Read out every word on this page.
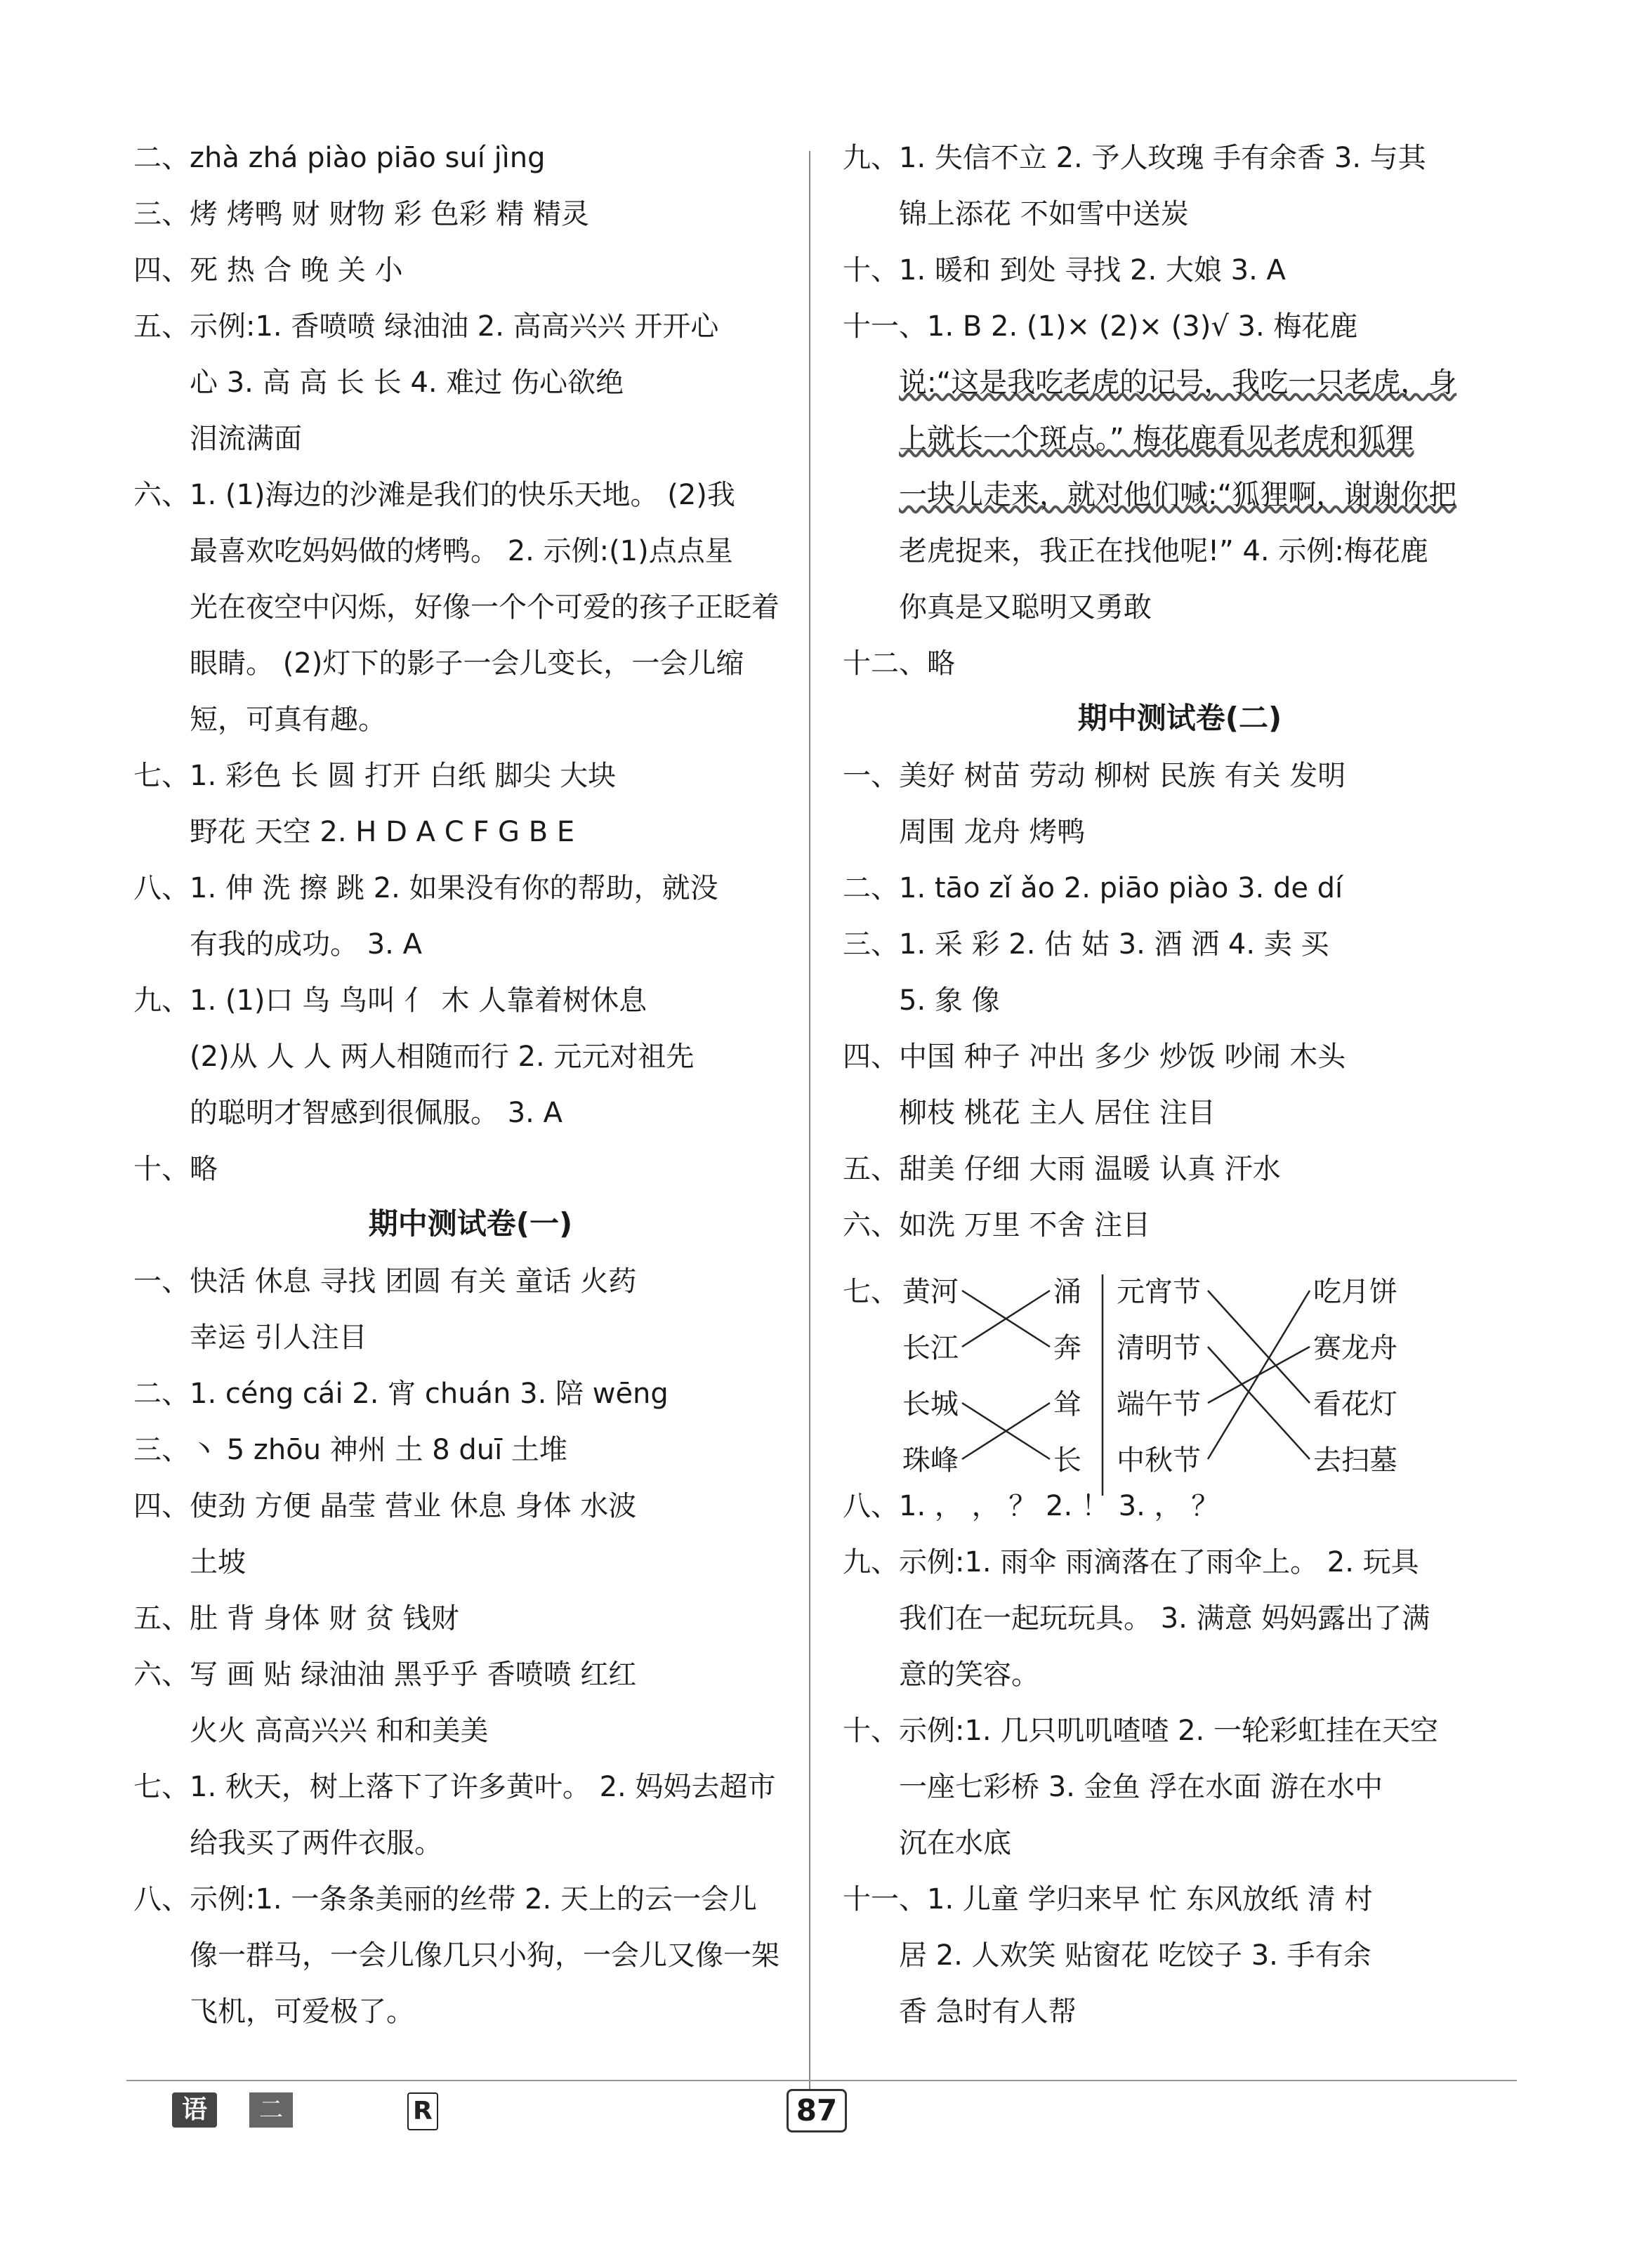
二、zhà zhá piào piāo suí jìng
三、烤 烤鸭 财 财物 彩 色彩 精 精灵
四、死 热 合 晚 关 小
五、示例:1. 香喷喷 绿油油 2. 高高兴兴 开开心
心 3. 高 高 长 长 4. 难过 伤心欲绝
泪流满面
六、1. (1)海边的沙滩是我们的快乐天地。 (2)我
最喜欢吃妈妈做的烤鸭。 2. 示例:(1)点点星
光在夜空中闪烁，好像一个个可爱的孩子正眨着
眼睛。 (2)灯下的影子一会儿变长，一会儿缩
短，可真有趣。
七、1. 彩色 长 圆 打开 白纸 脚尖 大块
野花 天空 2. H D A C F G B E
八、1. 伸 洗 擦 跳 2. 如果没有你的帮助，就没
有我的成功。 3. A
九、1. (1)口 鸟 鸟叫 亻 木 人靠着树休息
(2)从 人 人 两人相随而行 2. 元元对祖先
的聪明才智感到很佩服。 3. A
十、略
期中测试卷(一)
一、快活 休息 寻找 团圆 有关 童话 火药
幸运 引人注目
二、1. céng cái 2. 宵 chuán 3. 陪 wēng
三、丶 5 zhōu 神州 土 8 duī 土堆
四、使劲 方便 晶莹 营业 休息 身体 水波
土坡
五、肚 背 身体 财 贫 钱财
六、写 画 贴 绿油油 黑乎乎 香喷喷 红红
火火 高高兴兴 和和美美
七、1. 秋天，树上落下了许多黄叶。 2. 妈妈去超市
给我买了两件衣服。
八、示例:1. 一条条美丽的丝带 2. 天上的云一会儿
像一群马，一会儿像几只小狗，一会儿又像一架
飞机，可爱极了。
九、1. 失信不立 2. 予人玫瑰 手有余香 3. 与其
锦上添花 不如雪中送炭
十、1. 暖和 到处 寻找 2. 大娘 3. A
十一、1. B 2. (1)× (2)× (3)√ 3. 梅花鹿
说:“这是我吃老虎的记号，我吃一只老虎，身
上就长一个斑点。” 梅花鹿看见老虎和狐狸
一块儿走来，就对他们喊:“狐狸啊，谢谢你把
老虎捉来，我正在找他呢!” 4. 示例:梅花鹿
你真是又聪明又勇敢
十二、略
期中测试卷(二)
一、美好 树苗 劳动 柳树 民族 有关 发明
周围 龙舟 烤鸭
二、1. tāo zǐ ǎo 2. piāo piào 3. de dí
三、1. 采 彩 2. 估 姑 3. 酒 洒 4. 卖 买
5. 象 像
四、中国 种子 冲出 多少 炒饭 吵闹 木头
柳枝 桃花 主人 居住 注目
五、甜美 仔细 大雨 温暖 认真 汗水
六、如洗 万里 不舍 注目
八、1. ， ， ？ 2. ！ 3. ， ？
九、示例:1. 雨伞 雨滴落在了雨伞上。 2. 玩具
我们在一起玩玩具。 3. 满意 妈妈露出了满
意的笑容。
十、示例:1. 几只叽叽喳喳 2. 一轮彩虹挂在天空
一座七彩桥 3. 金鱼 浮在水面 游在水中
沉在水底
十一、1. 儿童 学归来早 忙 东风放纸 清 村
居 2. 人欢笑 贴窗花 吃饺子 3. 手有余
香 急时有人帮
七、 黄河
长江
长城
珠峰
涌
奔
耸
长
元宵节
清明节
端午节
中秋节
吃月饼
赛龙舟
看花灯
去扫墓
语文
二年级·下
R	87
